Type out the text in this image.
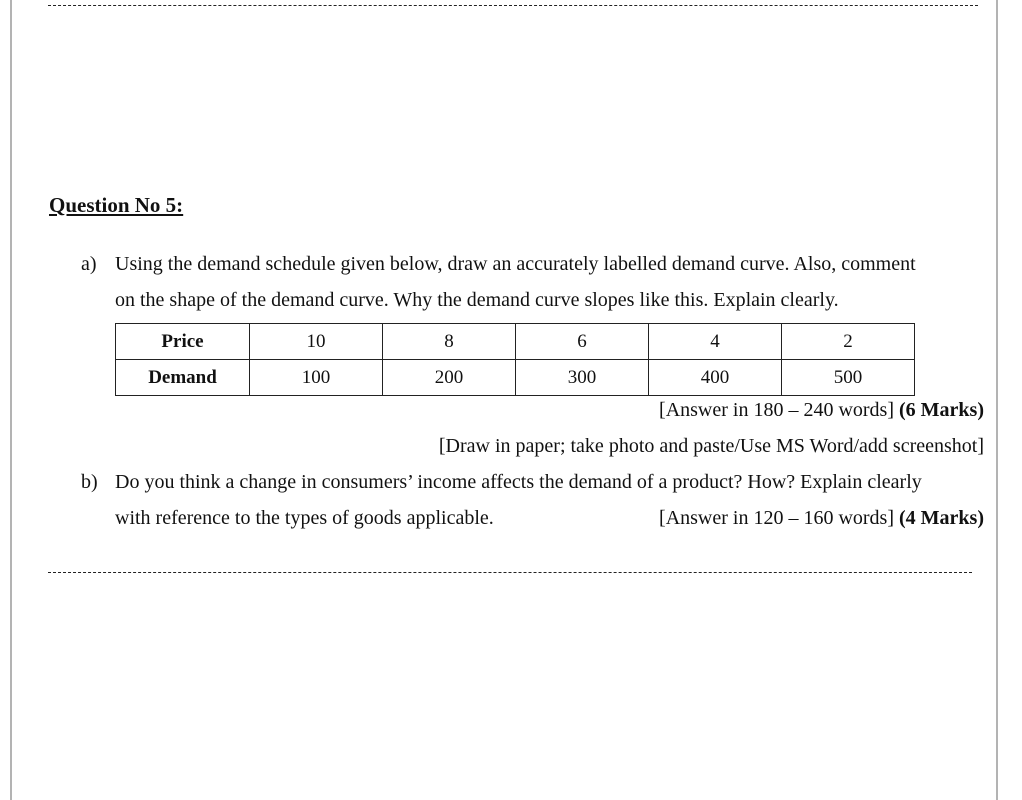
Question No 5:
a) Using the demand schedule given below, draw an accurately labelled demand curve. Also, comment
on the shape of the demand curve. Why the demand curve slopes like this. Explain clearly.
Price	10	8	6	4	2
Demand	100	200	300	400	500
[Answer in 180 – 240 words] (6 Marks)
[Draw in paper; take photo and paste/Use MS Word/add screenshot]
b) Do you think a change in consumers’ income affects the demand of a product? How? Explain clearly
with reference to the types of goods applicable.	[Answer in 120 – 160 words] (4 Marks)
